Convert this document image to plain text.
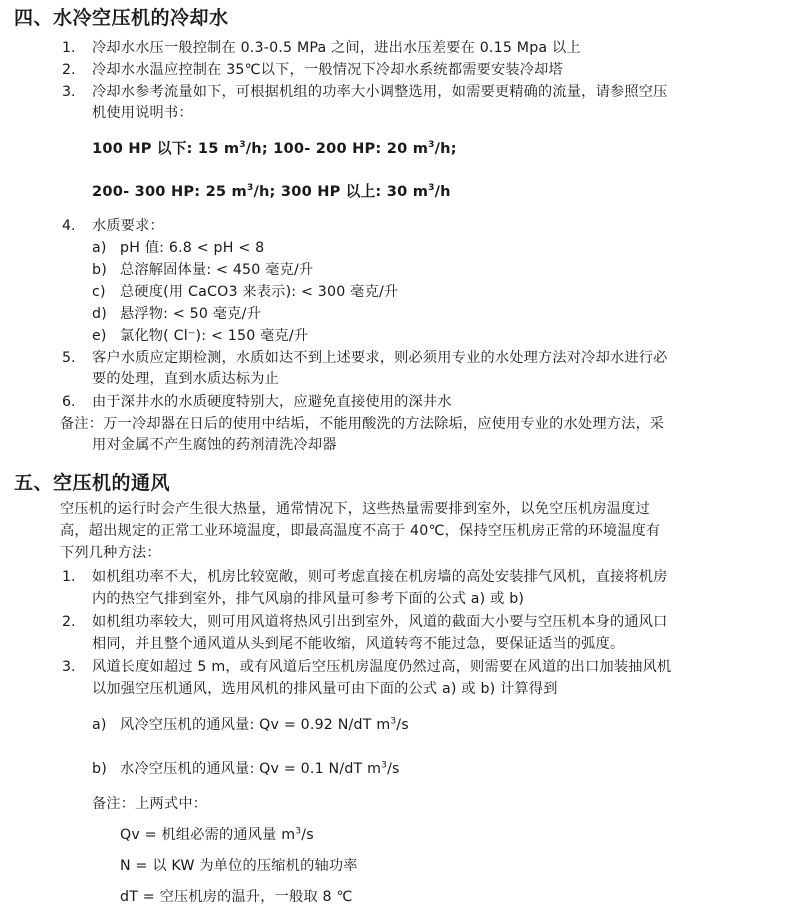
四、水冷空压机的冷却水
1. 冷却水水压一般控制在 0.3-0.5 MPa 之间，进出水压差要在 0.15 Mpa 以上
2. 冷却水水温应控制在 35℃以下，一般情况下冷却水系统都需要安装冷却塔
3. 冷却水参考流量如下，可根据机组的功率大小调整选用，如需要更精确的流量，请参照空压
机使用说明书：
100 HP 以下: 15 $m^3/h$; 100- 200 HP: 20 $m^3/h$;
200- 300 HP: 25 $m^3/h$; 300 HP 以上: 30 $m^3/h$
4. 水质要求：
a) pH 值: 6.8 < pH < 8
b) 总溶解固体量: < 450 毫克/升
c) 总硬度(用 CaCO3 来表示): < 300 毫克/升
d) 悬浮物: < 50 毫克/升
e) 氯化物( Cl⁻): < 150 毫克/升
5. 客户水质应定期检测，水质如达不到上述要求，则必须用专业的水处理方法对冷却水进行必
要的处理，直到水质达标为止
6. 由于深井水的水质硬度特别大，应避免直接使用的深井水
备注：万一冷却器在日后的使用中结垢，不能用酸洗的方法除垢，应使用专业的水处理方法，采
用对金属不产生腐蚀的药剂清洗冷却器
五、空压机的通风
空压机的运行时会产生很大热量，通常情况下，这些热量需要排到室外，以免空压机房温度过
高，超出规定的正常工业环境温度，即最高温度不高于 40℃，保持空压机房正常的环境温度有
下列几种方法：
1. 如机组功率不大，机房比较宽敞，则可考虑直接在机房墙的高处安装排气风机，直接将机房
内的热空气排到室外，排气风扇的排风量可参考下面的公式 a) 或 b)
2. 如机组功率较大，则可用风道将热风引出到室外，风道的截面大小要与空压机本身的通风口
相同，并且整个通风道从头到尾不能收缩，风道转弯不能过急，要保证适当的弧度。
3. 风道长度如超过 5 m，或有风道后空压机房温度仍然过高，则需要在风道的出口加装抽风机
以加强空压机通风，选用风机的排风量可由下面的公式 a) 或 b) 计算得到
a) 风冷空压机的通风量: Qv = 0.92 N/dT $m^3/s$
b) 水冷空压机的通风量: Qv = 0.1 N/dT $m^3/s$
备注：上两式中：
Qv = 机组必需的通风量 $m^3/s$
N = 以 KW 为单位的压缩机的轴功率
dT = 空压机房的温升，一般取 8 ℃
